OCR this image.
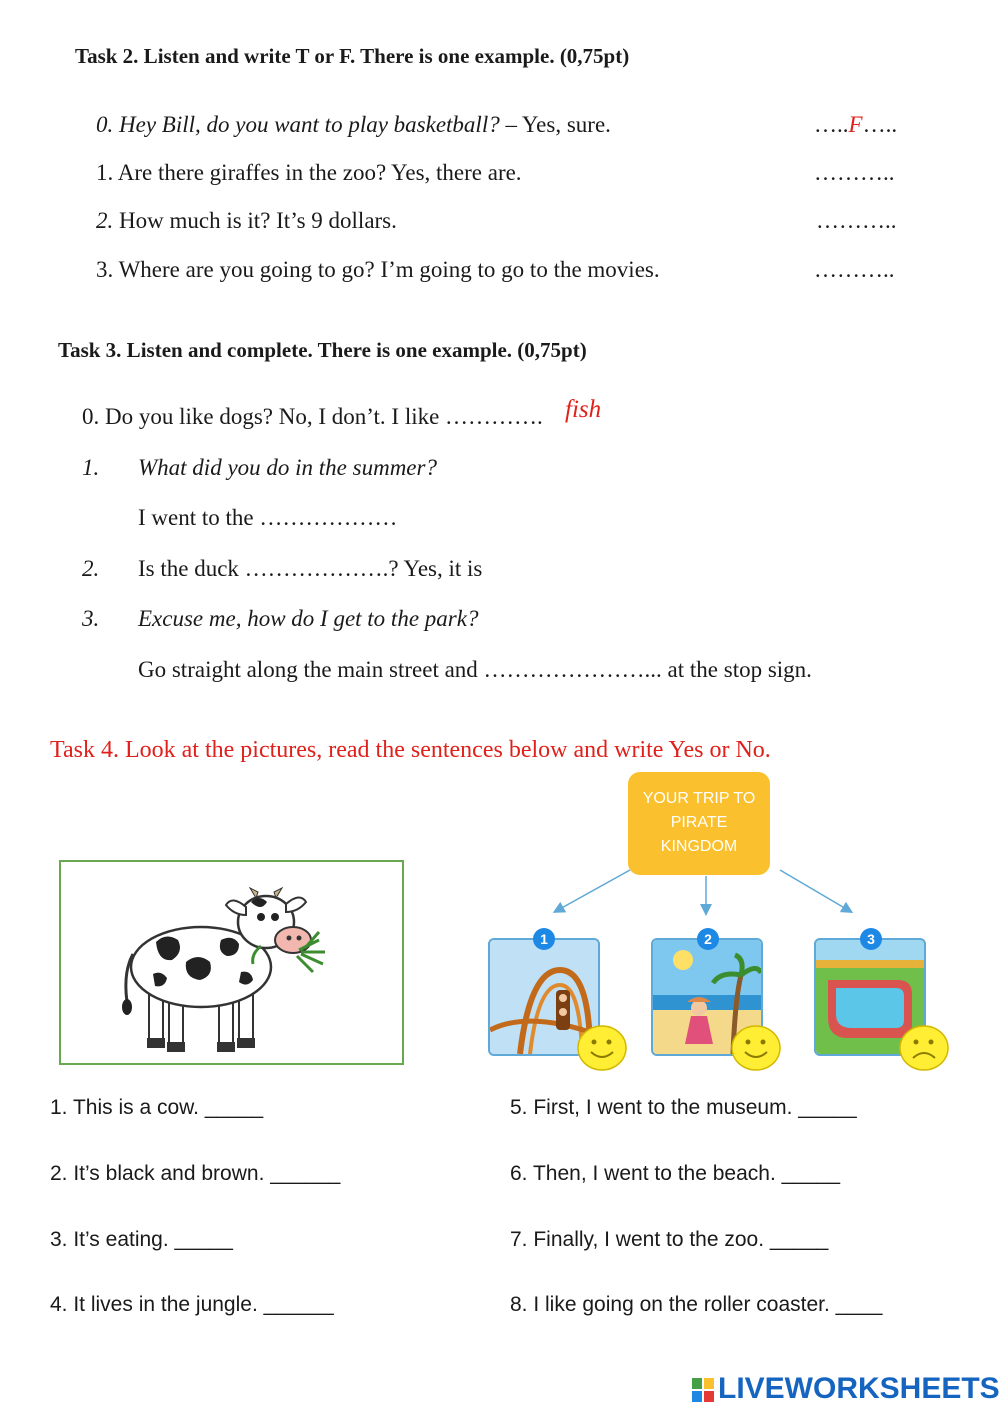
Task 2. Listen and write T or F. There is one example. (0,75pt)
0. Hey Bill, do you want to play basketball? – Yes, sure.	…..F…..
1. Are there giraffes in the zoo? Yes, there are.	………..
2. How much is it? It’s 9 dollars.	………..
3. Where are you going to go? I’m going to go to the movies.	………..
Task 3. Listen and complete. There is one example. (0,75pt)
0. Do you like dogs? No, I don’t. I like …………. fish
1. What did you do in the summer?
I went to the ………………
2. Is the duck ……………….? Yes, it is
3. Excuse me, how do I get to the park?
Go straight along the main street and …………………... at the stop sign.
Task 4. Look at the pictures, read the sentences below and write Yes or No.
YOUR TRIP TO
PIRATE
KINGDOM
1	2	3
1. This is a cow. _____
2. It’s black and brown. ______
3. It’s eating. _____
4. It lives in the jungle. ______
5. First, I went to the museum. _____
6. Then, I went to the beach. _____
7. Finally, I went to the zoo. _____
8. I like going on the roller coaster. ____
LIVEWORKSHEETS
